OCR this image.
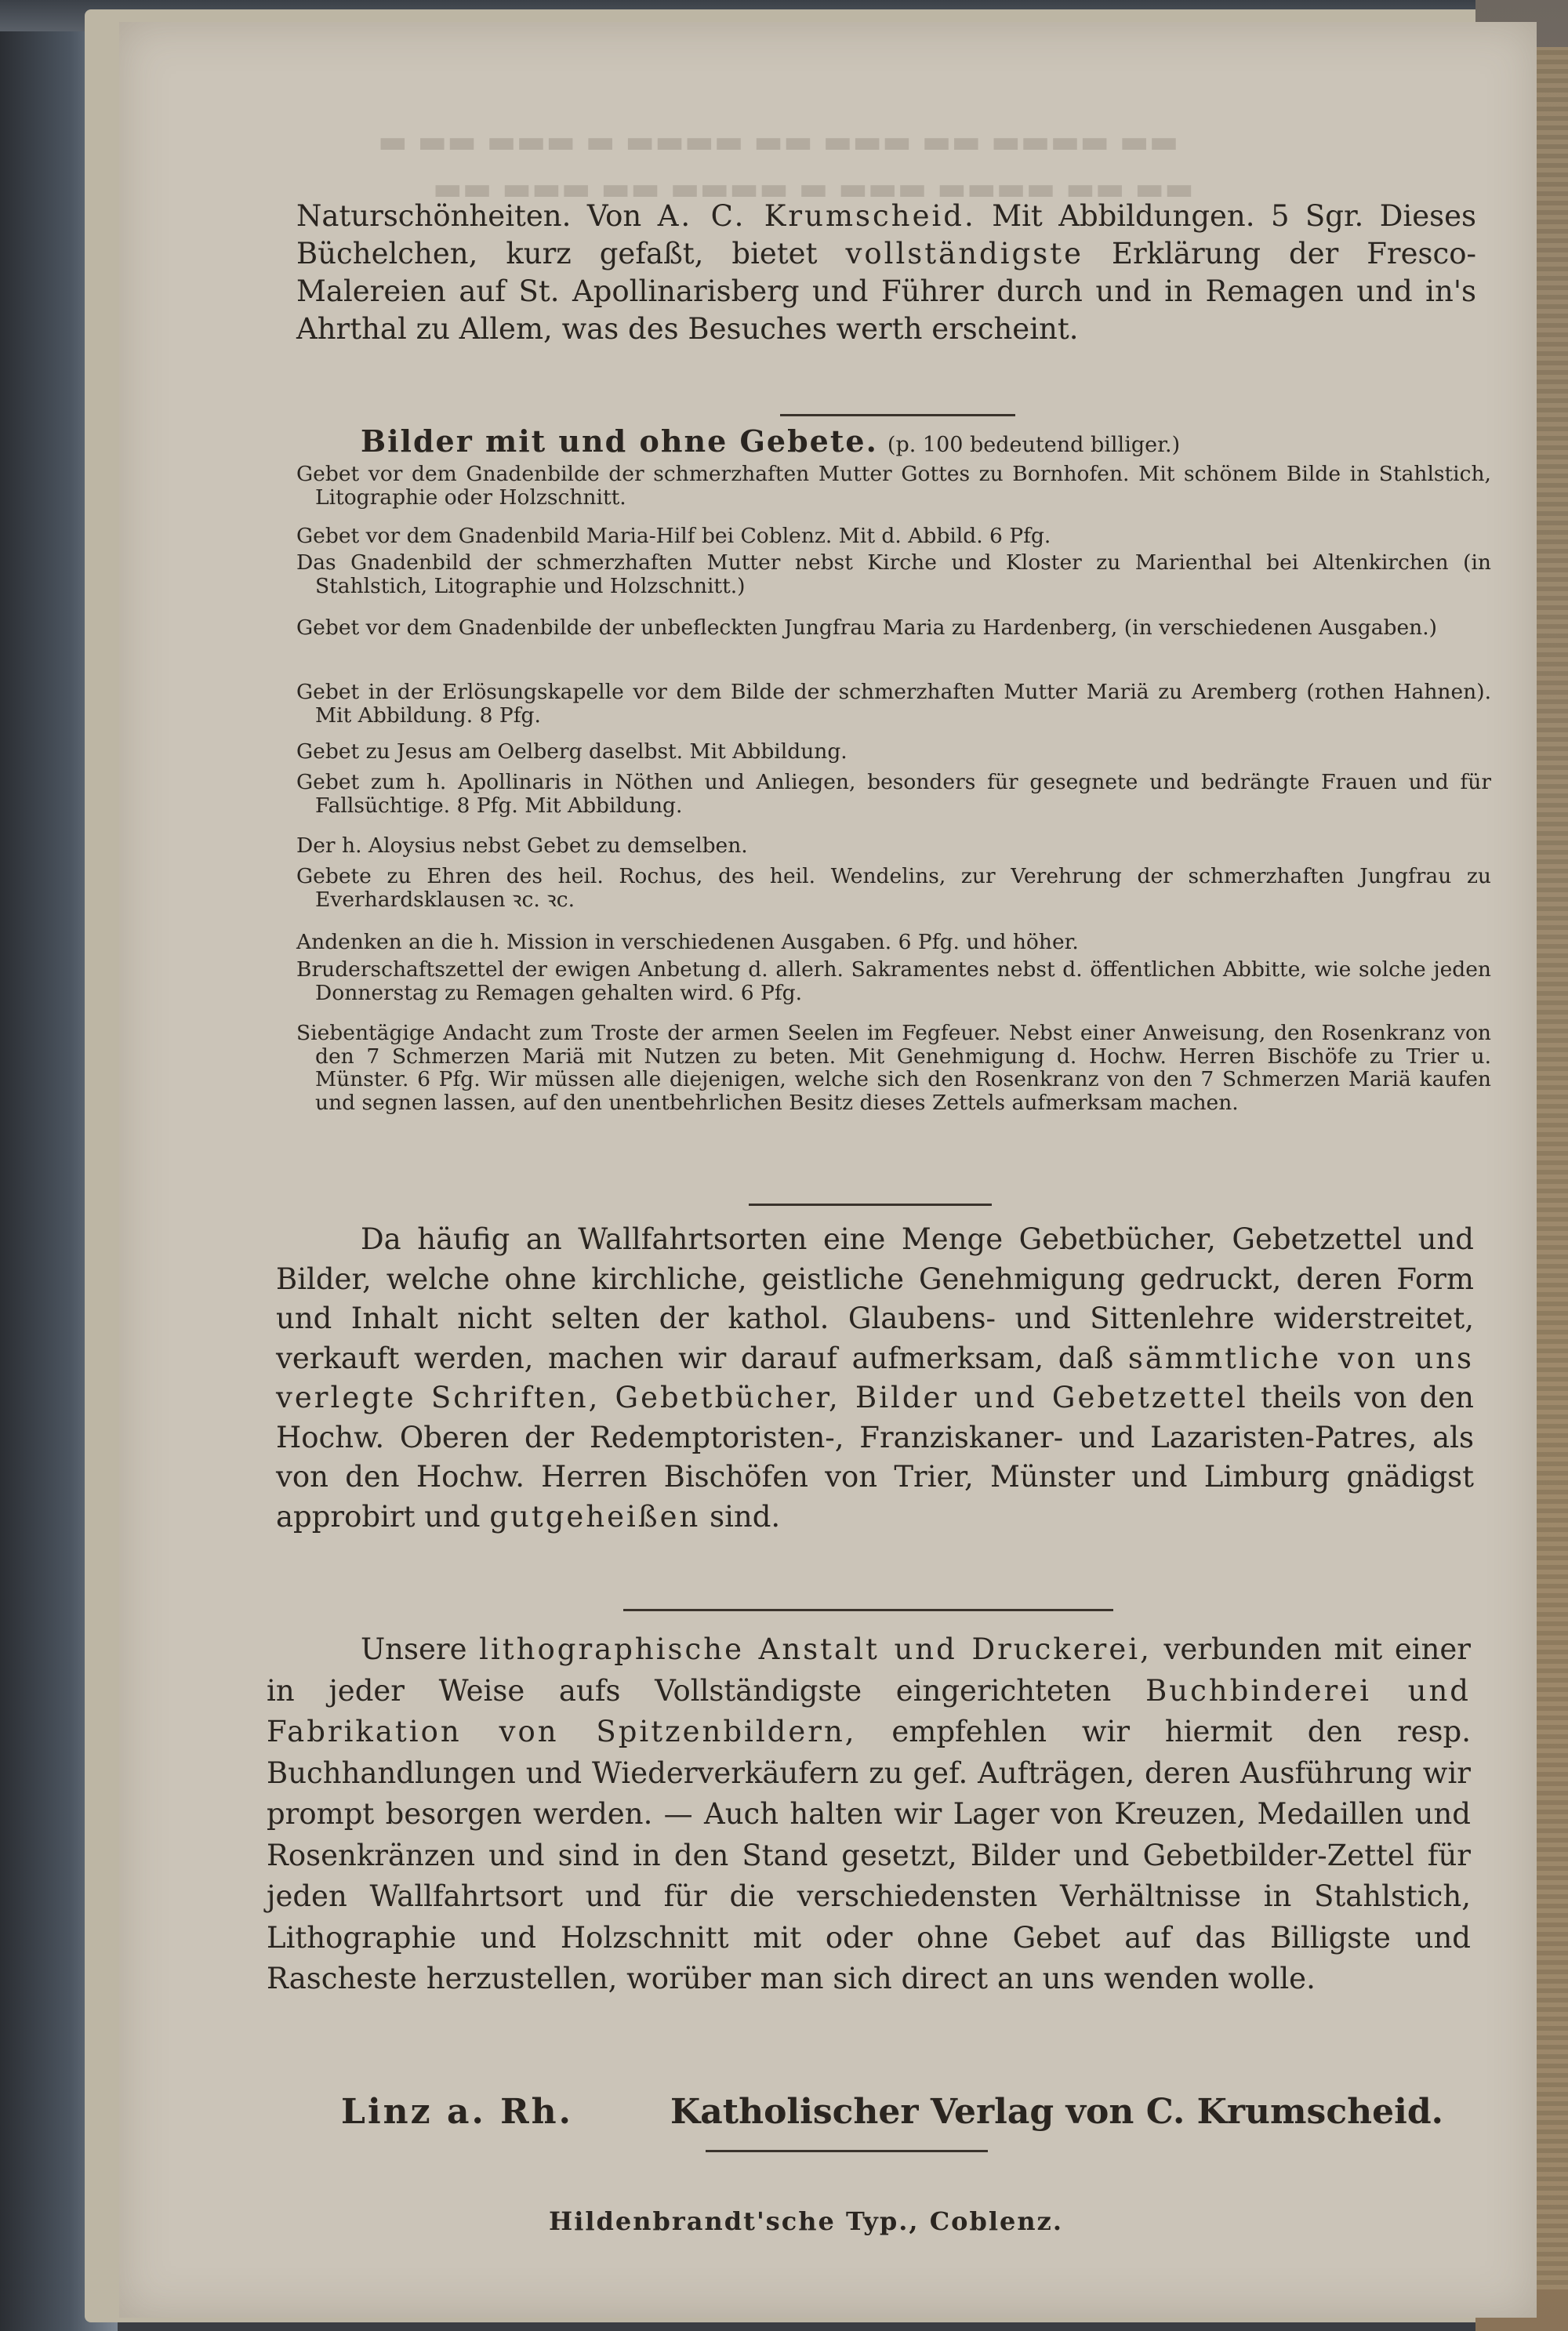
▬ ▬▬ ▬▬▬ ▬ ▬▬▬▬ ▬▬ ▬▬▬ ▬▬ ▬▬▬▬ ▬▬
▬▬ ▬▬▬ ▬▬ ▬▬▬▬ ▬ ▬▬▬ ▬▬▬▬ ▬▬ ▬▬

Naturschönheiten. Von A. C. Krumscheid. Mit Abbildungen. 5 Sgr. Dieses Büchelchen, kurz gefaßt, bietet vollständigste Erklärung der Fresco-Malereien auf St. Apollinarisberg und Führer durch und in Remagen und in's Ahrthal zu Allem, was des Besuches werth erscheint.

Bilder mit und ohne Gebete. (p. 100 bedeutend billiger.)

Gebet vor dem Gnadenbilde der schmerzhaften Mutter Gottes zu Bornhofen. Mit schönem Bilde in Stahlstich, Litographie oder Holzschnitt.

Gebet vor dem Gnadenbild Maria-Hilf bei Coblenz. Mit d. Abbild. 6 Pfg.

Das Gnadenbild der schmerzhaften Mutter nebst Kirche und Kloster zu Marienthal bei Altenkirchen (in Stahlstich, Litographie und Holzschnitt.)

Gebet vor dem Gnadenbilde der unbefleckten Jungfrau Maria zu Hardenberg, (in verschiedenen Ausgaben.)

Gebet in der Erlösungskapelle vor dem Bilde der schmerzhaften Mutter Mariä zu Aremberg (rothen Hahnen). Mit Abbildung. 8 Pfg.

Gebet zu Jesus am Oelberg daselbst. Mit Abbildung.

Gebet zum h. Apollinaris in Nöthen und Anliegen, besonders für gesegnete und bedrängte Frauen und für Fallsüchtige. 8 Pfg. Mit Abbildung.

Der h. Aloysius nebst Gebet zu demselben.

Gebete zu Ehren des heil. Rochus, des heil. Wendelins, zur Verehrung der schmerzhaften Jungfrau zu Everhardsklausen ꝛc. ꝛc.

Andenken an die h. Mission in verschiedenen Ausgaben. 6 Pfg. und höher.

Bruderschaftszettel der ewigen Anbetung d. allerh. Sakramentes nebst d. öffentlichen Abbitte, wie solche jeden Donnerstag zu Remagen gehalten wird. 6 Pfg.

Siebentägige Andacht zum Troste der armen Seelen im Fegfeuer. Nebst einer Anweisung, den Rosenkranz von den 7 Schmerzen Mariä mit Nutzen zu beten. Mit Genehmigung d. Hochw. Herren Bischöfe zu Trier u. Münster. 6 Pfg. Wir müssen alle diejenigen, welche sich den Rosenkranz von den 7 Schmerzen Mariä kaufen und segnen lassen, auf den unentbehrlichen Besitz dieses Zettels aufmerksam machen.

Da häufig an Wallfahrtsorten eine Menge Gebetbücher, Gebetzettel und Bilder, welche ohne kirchliche, geistliche Genehmigung gedruckt, deren Form und Inhalt nicht selten der kathol. Glaubens- und Sittenlehre widerstreitet, verkauft werden, machen wir darauf aufmerksam, daß sämmtliche von uns verlegte Schriften, Gebetbücher, Bilder und Gebetzettel theils von den Hochw. Oberen der Redemptoristen-, Franziskaner- und Lazaristen-Patres, als von den Hochw. Herren Bischöfen von Trier, Münster und Limburg gnädigst approbirt und gutgeheißen sind.

Unsere lithographische Anstalt und Druckerei, verbunden mit einer in jeder Weise aufs Vollständigste eingerichteten Buchbinderei und Fabrikation von Spitzenbildern, empfehlen wir hiermit den resp. Buchhandlungen und Wiederverkäufern zu gef. Aufträgen, deren Ausführung wir prompt besorgen werden. — Auch halten wir Lager von Kreuzen, Medaillen und Rosenkränzen und sind in den Stand gesetzt, Bilder und Gebetbilder-Zettel für jeden Wallfahrtsort und für die verschiedensten Verhältnisse in Stahlstich, Lithographie und Holzschnitt mit oder ohne Gebet auf das Billigste und Rascheste herzustellen, worüber man sich direct an uns wenden wolle.

Linz a. Rh.	Katholischer Verlag von C. Krumscheid.

Hildenbrandt'sche Typ., Coblenz.
